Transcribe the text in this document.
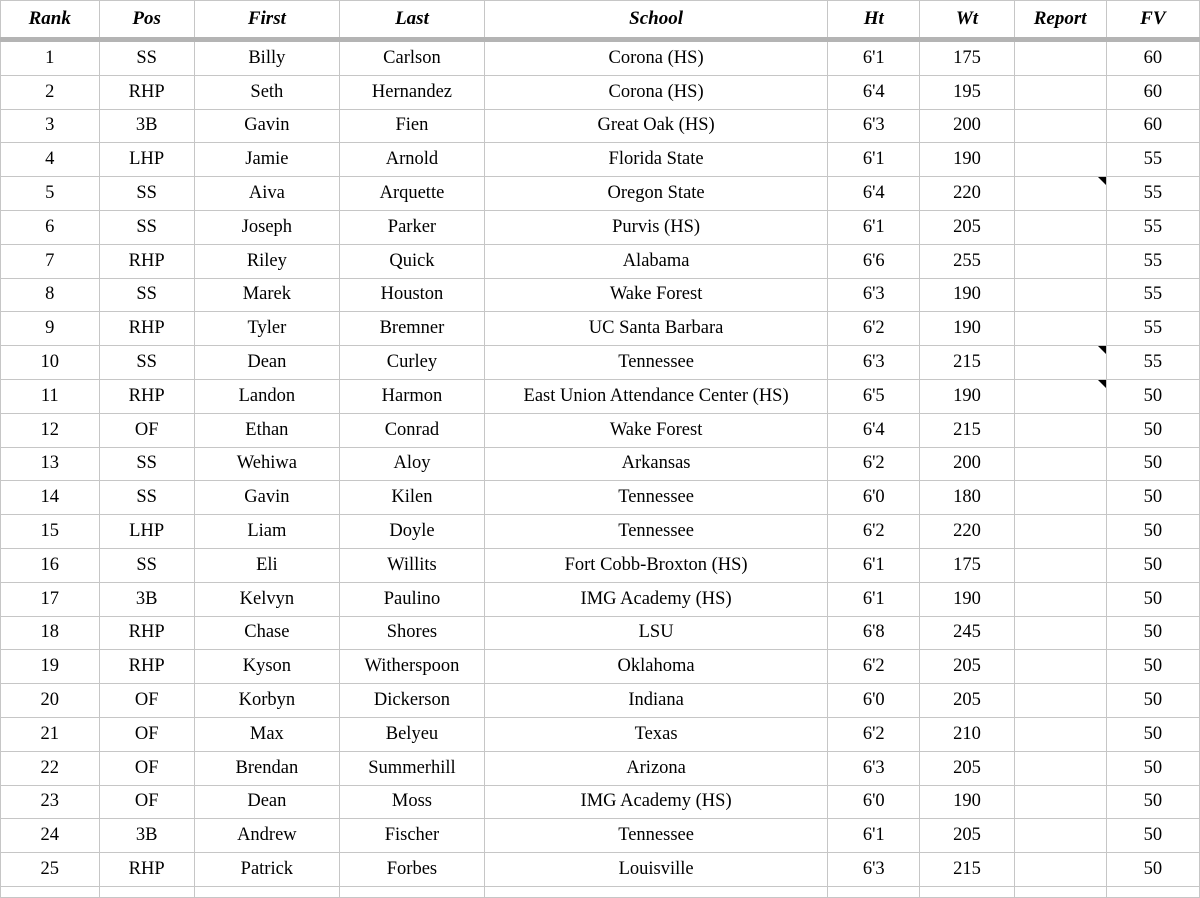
Rank	Pos	First	Last	School	Ht	Wt	Report	FV
1	SS	Billy	Carlson	Corona (HS)	6'1	175		60
2	RHP	Seth	Hernandez	Corona (HS)	6'4	195		60
3	3B	Gavin	Fien	Great Oak (HS)	6'3	200		60
4	LHP	Jamie	Arnold	Florida State	6'1	190		55
5	SS	Aiva	Arquette	Oregon State	6'4	220		55
6	SS	Joseph	Parker	Purvis (HS)	6'1	205		55
7	RHP	Riley	Quick	Alabama	6'6	255		55
8	SS	Marek	Houston	Wake Forest	6'3	190		55
9	RHP	Tyler	Bremner	UC Santa Barbara	6'2	190		55
10	SS	Dean	Curley	Tennessee	6'3	215		55
11	RHP	Landon	Harmon	East Union Attendance Center (HS)	6'5	190		50
12	OF	Ethan	Conrad	Wake Forest	6'4	215		50
13	SS	Wehiwa	Aloy	Arkansas	6'2	200		50
14	SS	Gavin	Kilen	Tennessee	6'0	180		50
15	LHP	Liam	Doyle	Tennessee	6'2	220		50
16	SS	Eli	Willits	Fort Cobb-Broxton (HS)	6'1	175		50
17	3B	Kelvyn	Paulino	IMG Academy (HS)	6'1	190		50
18	RHP	Chase	Shores	LSU	6'8	245		50
19	RHP	Kyson	Witherspoon	Oklahoma	6'2	205		50
20	OF	Korbyn	Dickerson	Indiana	6'0	205		50
21	OF	Max	Belyeu	Texas	6'2	210		50
22	OF	Brendan	Summerhill	Arizona	6'3	205		50
23	OF	Dean	Moss	IMG Academy (HS)	6'0	190		50
24	3B	Andrew	Fischer	Tennessee	6'1	205		50
25	RHP	Patrick	Forbes	Louisville	6'3	215		50
